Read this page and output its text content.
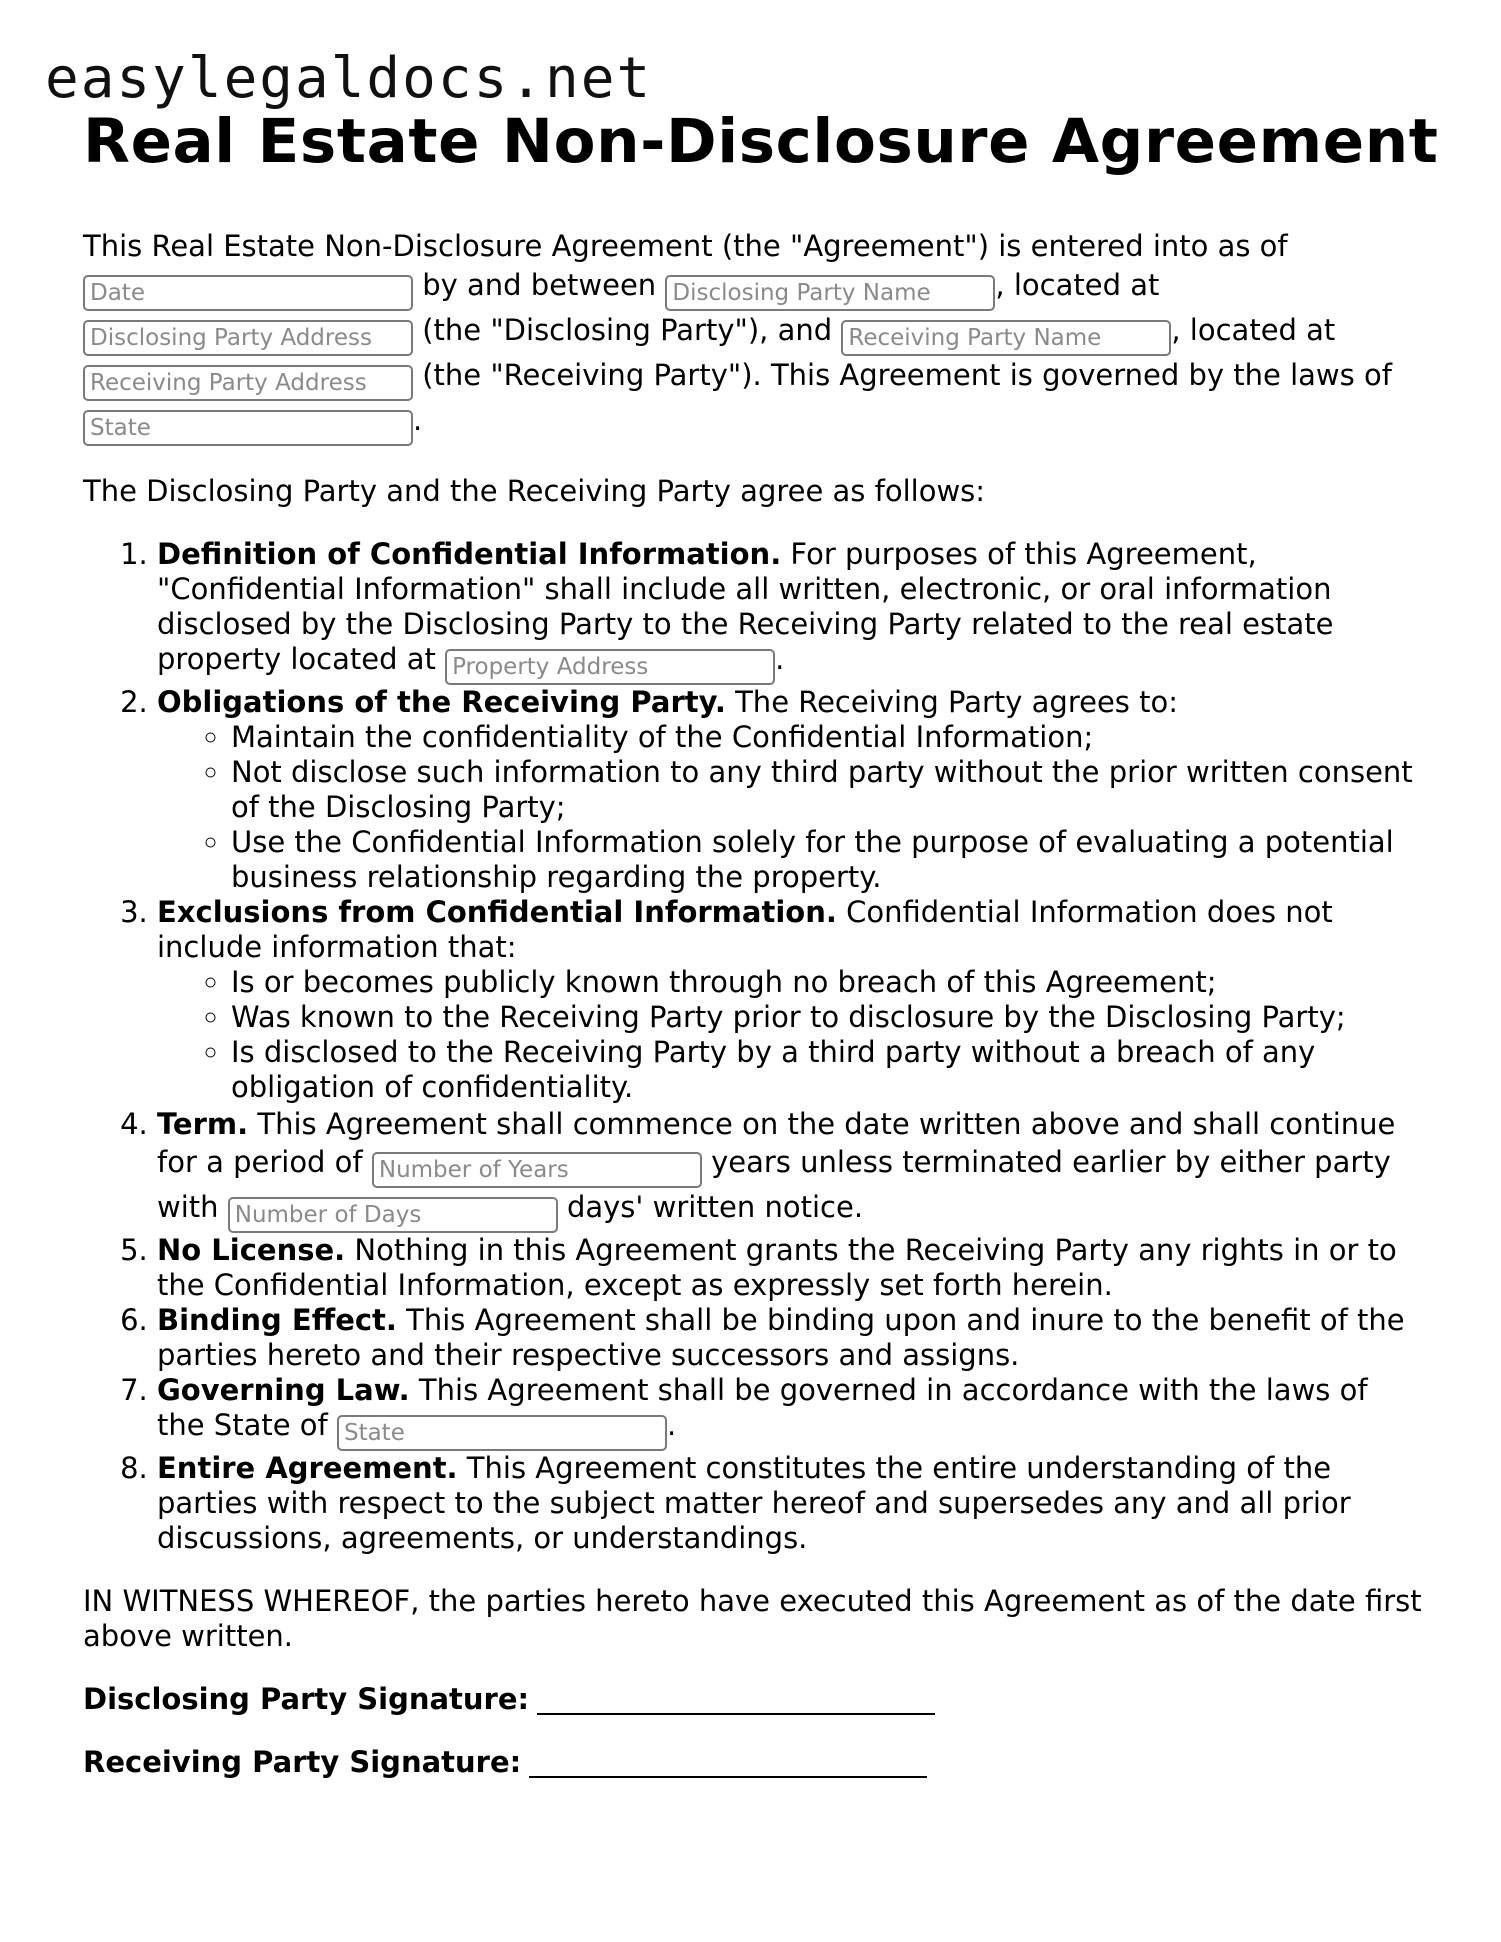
easylegaldocs.net
Real Estate Non-Disclosure Agreement

This Real Estate Non-Disclosure Agreement (the "Agreement") is entered into as of
Date by and between Disclosing Party Name	, located at
Disclosing Party Address (the "Disclosing Party"), and Receiving Party Name	, located at
Receiving Party Address (the "Receiving Party"). This Agreement is governed by the laws of
State.

The Disclosing Party and the Receiving Party agree as follows:

1. Definition of Confidential Information. For purposes of this Agreement, "Confidential Information" shall include all written, electronic, or oral information disclosed by the Disclosing Party to the Receiving Party related to the real estate property located at Property Address	.
2. Obligations of the Receiving Party. The Receiving Party agrees to:
◦ Maintain the confidentiality of the Confidential Information;
◦ Not disclose such information to any third party without the prior written consent of the Disclosing Party;
◦ Use the Confidential Information solely for the purpose of evaluating a potential business relationship regarding the property.
3. Exclusions from Confidential Information. Confidential Information does not include information that:
◦ Is or becomes publicly known through no breach of this Agreement;
◦ Was known to the Receiving Party prior to disclosure by the Disclosing Party;
◦ Is disclosed to the Receiving Party by a third party without a breach of any obligation of confidentiality.
4. Term. This Agreement shall commence on the date written above and shall continue for a period of Number of Years	years unless terminated earlier by either party with Number of Days	days' written notice.
5. No License. Nothing in this Agreement grants the Receiving Party any rights in or to the Confidential Information, except as expressly set forth herein.
6. Binding Effect. This Agreement shall be binding upon and inure to the benefit of the parties hereto and their respective successors and assigns.
7. Governing Law. This Agreement shall be governed in accordance with the laws of the State of State	.
8. Entire Agreement. This Agreement constitutes the entire understanding of the parties with respect to the subject matter hereof and supersedes any and all prior discussions, agreements, or understandings.

IN WITNESS WHEREOF, the parties hereto have executed this Agreement as of the date first above written.

Disclosing Party Signature:

Receiving Party Signature:
